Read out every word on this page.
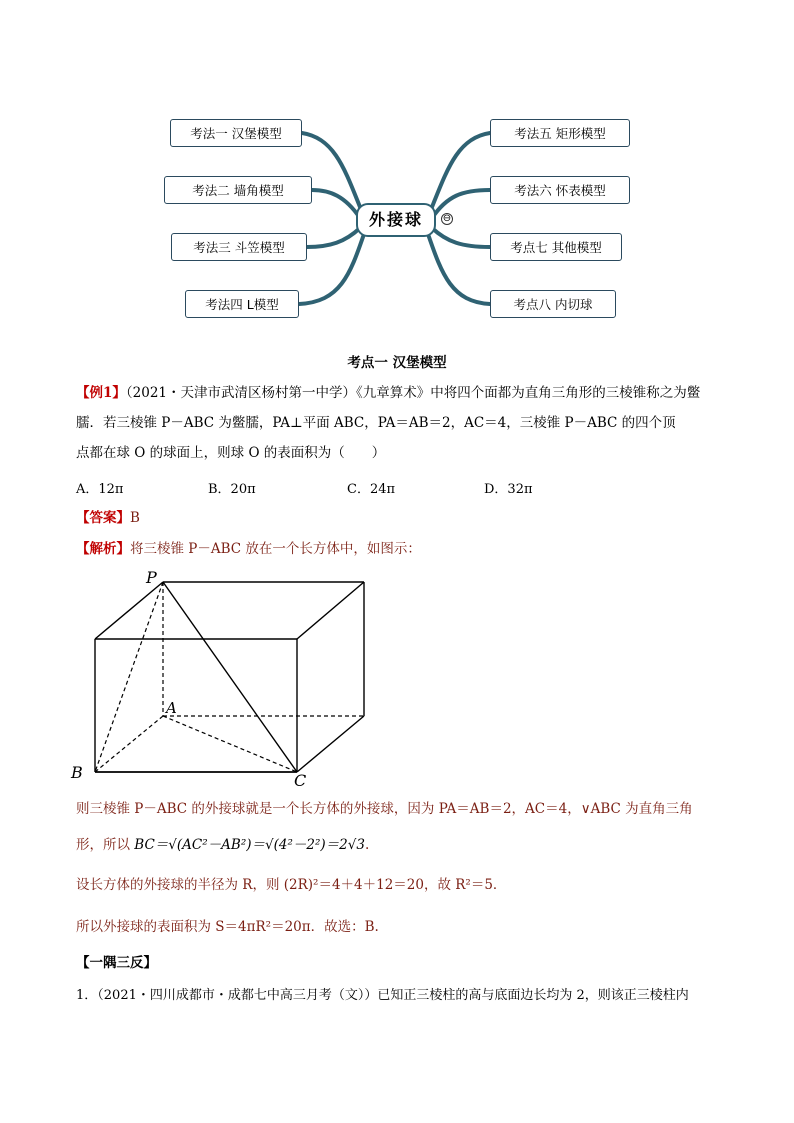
考法一 汉堡模型
考法二 墙角模型
考法三 斗笠模型
考法四 L模型
考法五 矩形模型
考法六 怀表模型
考点七 其他模型
考点八 内切球
外接球	⊖
考点一 汉堡模型
【例1】（2021・天津市武清区杨村第一中学）《九章算术》中将四个面都为直角三角形的三棱锥称之为鳖
臑．若三棱锥 P－ABC 为鳖臑，PA⊥平面 ABC，PA＝AB＝2，AC＝4，三棱锥 P－ABC 的四个顶
点都在球 O 的球面上，则球 O 的表面积为（　　）
A．12π	B．20π	C．24π	D．32π
【答案】B
【解析】将三棱锥 P－ABC 放在一个长方体中，如图示：
P
A
B	C
则三棱锥 P－ABC 的外接球就是一个长方体的外接球，因为 PA＝AB＝2，AC＝4，∨ABC 为直角三角
形，所以 BC＝√(AC²－AB²)＝√(4²－2²)＝2√3.
设长方体的外接球的半径为 R，则 (2R)²＝4＋4＋12＝20，故 R²＝5．
所以外接球的表面积为 S＝4πR²＝20π．故选：B.
【一隅三反】
1．（2021・四川成都市・成都七中高三月考（文））已知正三棱柱的高与底面边长均为 2，则该正三棱柱内
